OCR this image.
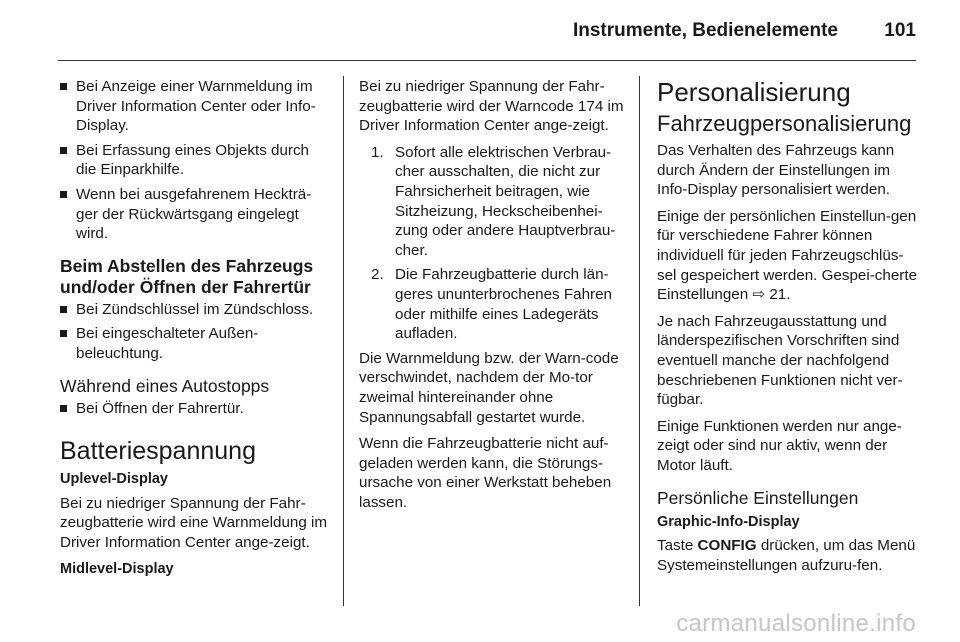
Instrumente, Bedienelemente 101
Bei Anzeige einer Warnmeldung im Driver Information Center oder Info-Display.
Bei Erfassung eines Objekts durch die Einparkhilfe.
Wenn bei ausgefahrenem Heckträ-ger der Rückwärtsgang eingelegt wird.
Beim Abstellen des Fahrzeugs und/oder Öffnen der Fahrertür
Bei Zündschlüssel im Zündschloss.
Bei eingeschalteter Außen-beleuchtung.
Während eines Autostopps
Bei Öffnen der Fahrertür.
Batteriespannung
Uplevel-Display

Bei zu niedriger Spannung der Fahr-zeugbatterie wird eine Warnmeldung im Driver Information Center ange-zeigt.

Midlevel-Display

Bei zu niedriger Spannung der Fahr-zeugbatterie wird der Warncode 174 im Driver Information Center ange-zeigt.

1. Sofort alle elektrischen Verbrau-cher ausschalten, die nicht zur Fahrsicherheit beitragen, wie Sitzheizung, Heckscheibenhei-zung oder andere Hauptverbrau-cher.
2. Die Fahrzeugbatterie durch län-geres ununterbrochenes Fahren oder mithilfe eines Ladegeräts aufladen.

Die Warnmeldung bzw. der Warn-code verschwindet, nachdem der Mo-tor zweimal hintereinander ohne Spannungsabfall gestartet wurde.

Wenn die Fahrzeugbatterie nicht auf-geladen werden kann, die Störungs-ursache von einer Werkstatt beheben lassen.

Personalisierung
Fahrzeugpersonalisierung

Das Verhalten des Fahrzeugs kann durch Ändern der Einstellungen im Info-Display personalisiert werden.

Einige der persönlichen Einstellun-gen für verschiedene Fahrer können individuell für jeden Fahrzeugschlüs-sel gespeichert werden. Gespei-cherte Einstellungen ⇨ 21.

Je nach Fahrzeugausstattung und länderspezifischen Vorschriften sind eventuell manche der nachfolgend beschriebenen Funktionen nicht ver-fügbar.

Einige Funktionen werden nur ange-zeigt oder sind nur aktiv, wenn der Motor läuft.

Persönliche Einstellungen
Graphic-Info-Display

Taste CONFIG drücken, um das Menü Systemeinstellungen aufzuru-fen.

carmanualsonline.info
